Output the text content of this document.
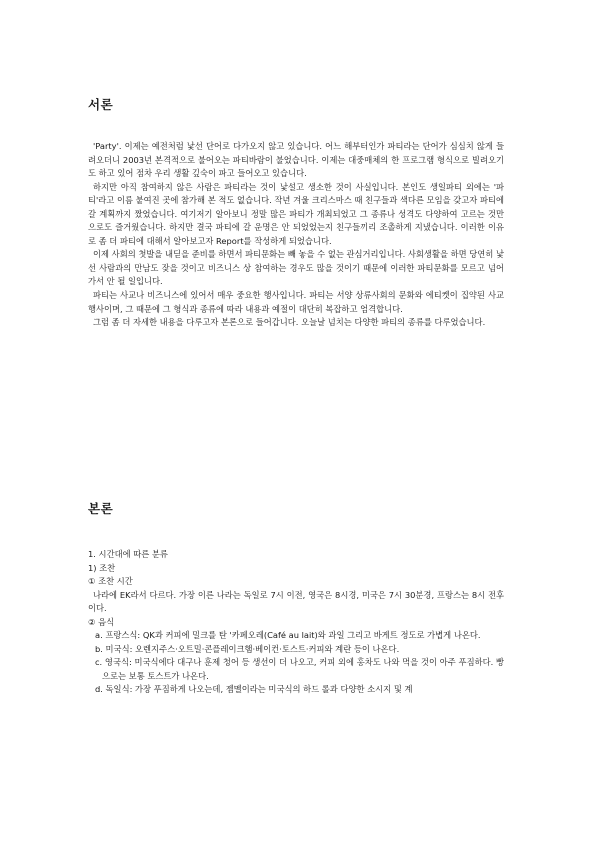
서론

'Party'. 이제는 예전처럼 낯선 단어로 다가오지 않고 있습니다. 어느 해부터인가 파티라는 단어가 심심치 않게 들려오더니 2003년 본격적으로 불어오는 파티바람이 불었습니다. 이제는 대중매체의 한 프로그램 형식으로 빌려오기도 하고 있어 점차 우리 생활 깊숙이 파고 들어오고 있습니다.

하지만 아직 참여하지 않은 사람은 파티라는 것이 낯설고 생소한 것이 사실입니다. 본인도 생일파티 외에는 '파티'라고 이름 붙여진 곳에 참가해 본 적도 없습니다. 작년 겨울 크리스마스 때 친구들과 색다른 모임을 갖고자 파티에 갈 계획까지 짰었습니다. 여기저기 알아보니 정말 많은 파티가 개최되었고 그 종류나 성격도 다양하여 고르는 것만으로도 즐거웠습니다. 하지만 결국 파티에 갈 운명은 안 되었었는지 친구들끼리 조촐하게 지냈습니다. 이러한 이유로 좀 더 파티에 대해서 알아보고자 Report를 작성하게 되었습니다.

이제 사회의 첫발을 내딛을 준비를 하면서 파티문화는 빼 놓을 수 없는 관심거리입니다. 사회생활을 하면 당연히 낯선 사람과의 만남도 잦을 것이고 비즈니스 상 참여하는 경우도 많을 것이기 때문에 이러한 파티문화를 모르고 넘어가서 안 될 일입니다.

파티는 사교나 비즈니스에 있어서 매우 중요한 행사입니다. 파티는 서양 상류사회의 문화와 에티켓이 집약된 사교행사이며, 그 때문에 그 형식과 종류에 따라 내용과 예절이 대단히 복잡하고 엄격합니다.

그럼 좀 더 자세한 내용을 다루고자 본론으로 들어갑니다. 오늘날 넘치는 다양한 파티의 종류를 다루었습니다.

본론

1. 시간대에 따른 분류

1) 조찬

① 조찬 시간

나라에 EK라서 다르다. 가장 이른 나라는 독일로 7시 이전, 영국은 8시경, 미국은 7시 30분경, 프랑스는 8시 전후이다.

② 음식

a. 프랑스식: QK과 커피에 밀크를 탄 '카페오레(Café au lait)와 과일 그리고 바게트 정도로 가볍게 나온다.

b. 미국식: 오렌지주스·오트밀·콘플레이크햄·베이컨·토스트·커피와 계란 등이 나온다.

c. 영국식: 미국식에다 대구나 훈제 청어 등 생선이 더 나오고, 커피 외에 홍차도 나와 먹을 것이 아주 푸짐하다. 빵으로는 보통 토스트가 나온다.

d. 독일식: 가장 푸짐하게 나오는데, 젬멜이라는 미국식의 하드 롤과 다양한 소시지 및 계
